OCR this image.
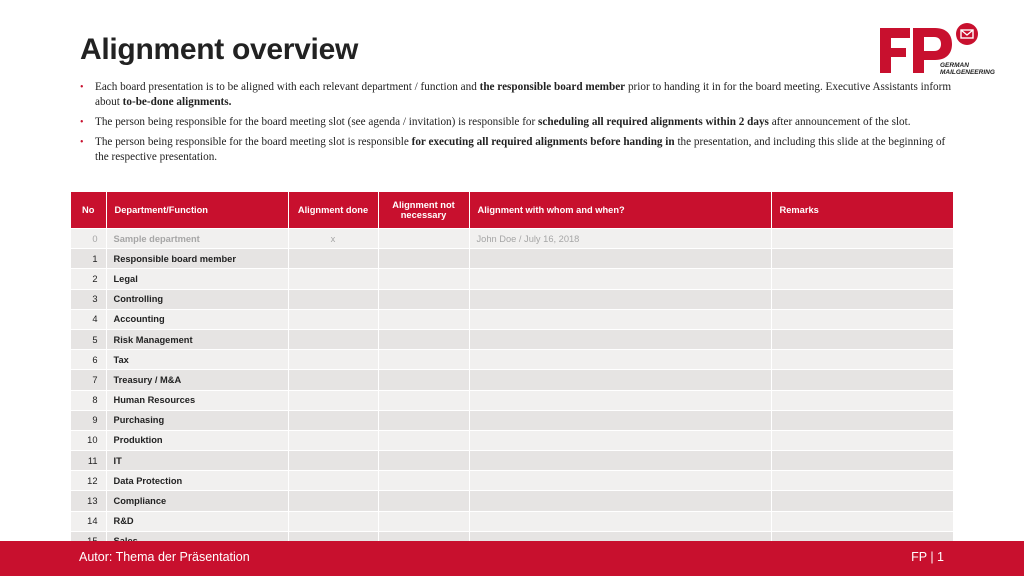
Alignment overview	GERMAN
MAILGENEERING
• Each board presentation is to be aligned with each relevant department / function and the responsible board member prior to handing it in for the board meeting. Executive Assistants inform about to-be-done alignments.
• The person being responsible for the board meeting slot (see agenda / invitation) is responsible for scheduling all required alignments within 2 days after announcement of the slot.
• The person being responsible for the board meeting slot is responsible for executing all required alignments before handing in the presentation, and including this slide at the beginning of the respective presentation.
No	Department/Function	Alignment done	Alignment not necessary	Alignment with whom and when?	Remarks
0	Sample department	x		John Doe / July 16, 2018	
1	Responsible board member				
2	Legal				
3	Controlling				
4	Accounting				
5	Risk Management				
6	Tax				
7	Treasury / M&A				
8	Human Resources				
9	Purchasing				
10	Produktion				
11	IT				
12	Data Protection				
13	Compliance				
14	R&D				

Autor: Thema der Präsentation	FP | 1
